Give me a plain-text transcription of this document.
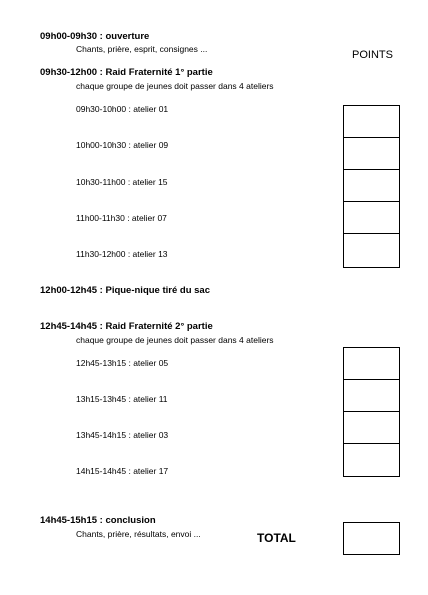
09h00-09h30 : ouverture
Chants, prière, esprit, consignes ...	POINTS
09h30-12h00 : Raid Fraternité 1° partie
chaque groupe de jeunes doit passer dans 4 ateliers
09h30-10h00 : atelier 01
10h00-10h30 : atelier 09
10h30-11h00 : atelier 15
11h00-11h30 : atelier 07
11h30-12h00 : atelier 13
12h00-12h45 : Pique-nique tiré du sac
12h45-14h45 : Raid Fraternité 2° partie
chaque groupe de jeunes doit passer dans 4 ateliers
12h45-13h15 : atelier 05
13h15-13h45 : atelier 11
13h45-14h15 : atelier 03
14h15-14h45 : atelier 17
14h45-15h15 : conclusion
Chants, prière, résultats, envoi ...	TOTAL
